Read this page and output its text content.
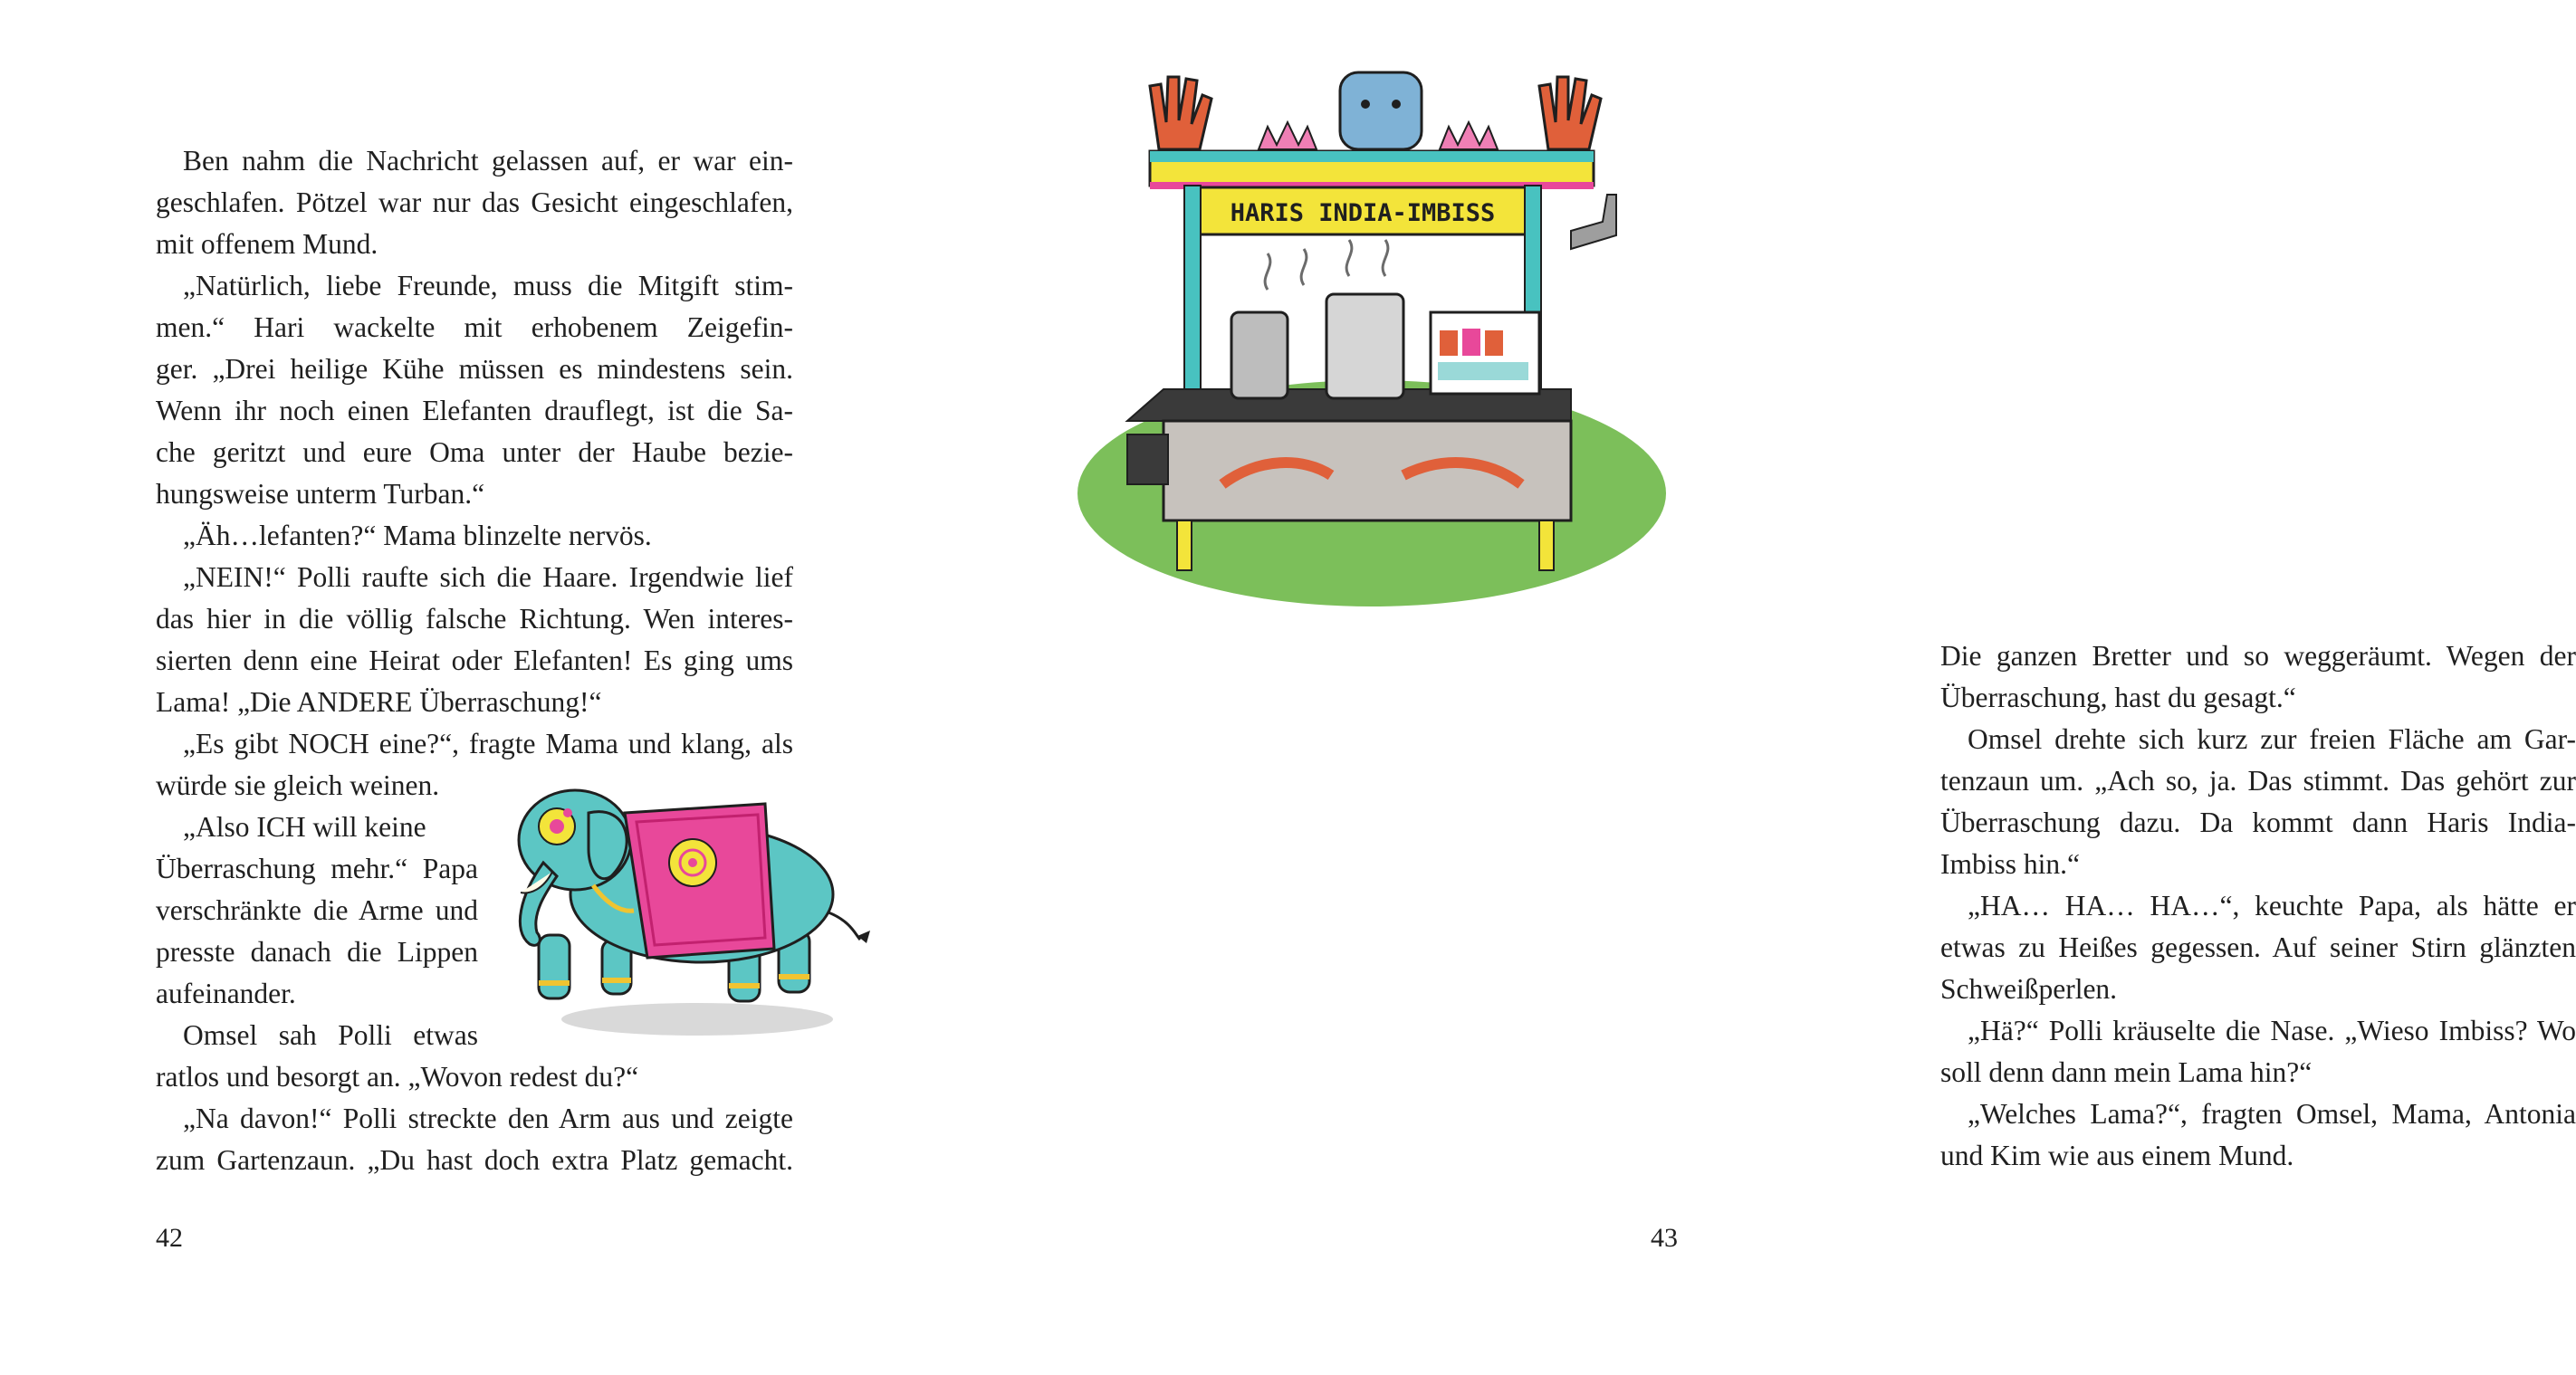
Ben nahm die Nachricht gelassen auf, er war ein-
geschlafen. Pötzel war nur das Gesicht eingeschlafen,
mit offenem Mund.
„Natürlich, liebe Freunde, muss die Mitgift stim-
men.“ Hari wackelte mit erhobenem Zeigefin-
ger. „Drei heilige Kühe müssen es mindestens sein.
Wenn ihr noch einen Elefanten drauflegt, ist die Sa-
che geritzt und eure Oma unter der Haube bezie-
hungsweise unterm Turban.“
„Äh…lefanten?“ Mama blinzelte nervös.
„NEIN!“ Polli raufte sich die Haare. Irgendwie lief
das hier in die völlig falsche Richtung. Wen interes-
sierten denn eine Heirat oder Elefanten! Es ging ums
Lama! „Die ANDERE Überraschung!“
„Es gibt NOCH eine?“, fragte Mama und klang, als
würde sie gleich weinen.
„Also ICH will keine
Überraschung mehr.“ Papa
verschränkte die Arme und
presste danach die Lippen
aufeinander.
Omsel sah Polli etwas
ratlos und besorgt an. „Wovon redest du?“
„Na davon!“ Polli streckte den Arm aus und zeigte
zum Gartenzaun. „Du hast doch extra Platz gemacht.
42
Die ganzen Bretter und so weggeräumt. Wegen der
Überraschung, hast du gesagt.“
Omsel drehte sich kurz zur freien Fläche am Gar-
tenzaun um. „Ach so, ja. Das stimmt. Das gehört zur
Überraschung dazu. Da kommt dann Haris India-
Imbiss hin.“
„HA… HA… HA…“, keuchte Papa, als hätte er
etwas zu Heißes gegessen. Auf seiner Stirn glänzten
Schweißperlen.
„Hä?“ Polli kräuselte die Nase. „Wieso Imbiss? Wo
soll denn dann mein Lama hin?“
„Welches Lama?“, fragten Omsel, Mama, Antonia
und Kim wie aus einem Mund.
43
HARIS INDIA-IMBISS
